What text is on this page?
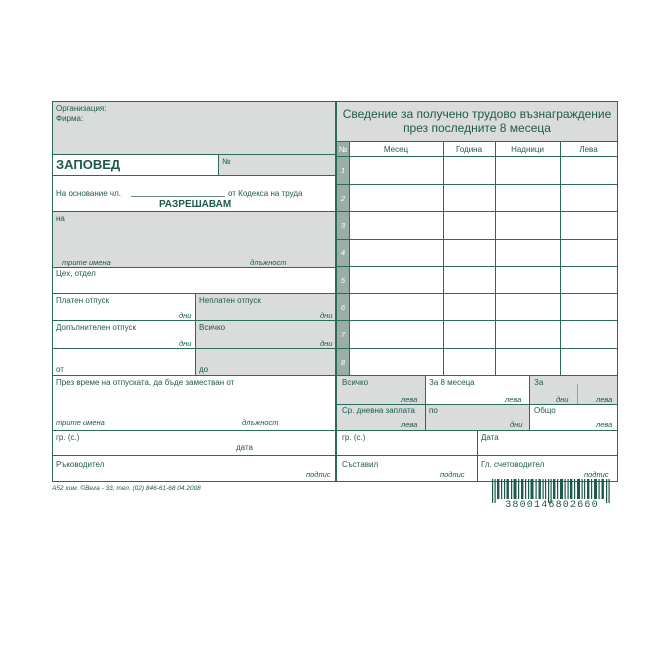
Организация:
Фирма:
ЗАПОВЕД	№
На основание чл.	от Кодекса на труда
РАЗРЕШАВАМ
на
трите имена	длъжност
Цех, отдел
Платен отпуск
дни
Неплатен отпуск
дни
Допълнителен отпуск
дни
Всичко
дни
от	до
През време на отпуската, да бъде заместван от
трите имена	длъжност
гр. (с.)
дата
Ръководител
подпис
Сведение за получено трудово възнаграждение
през последните 8 месеца
№	Месец	Година	Надници	Лева
1
2
3
4
5
6
7
8
Всичко
лева
За 8 месеца
лева
За
дни	лева
Ср. дневна заплата
лева
по
дни
Общо
лева
гр. (с.)	Дата
Съставил
подпис
Гл. счетоводител
подпис
А52 хим. ©Вега - 33, тел. (02) 846-61-68 04.2008
3800146802660
